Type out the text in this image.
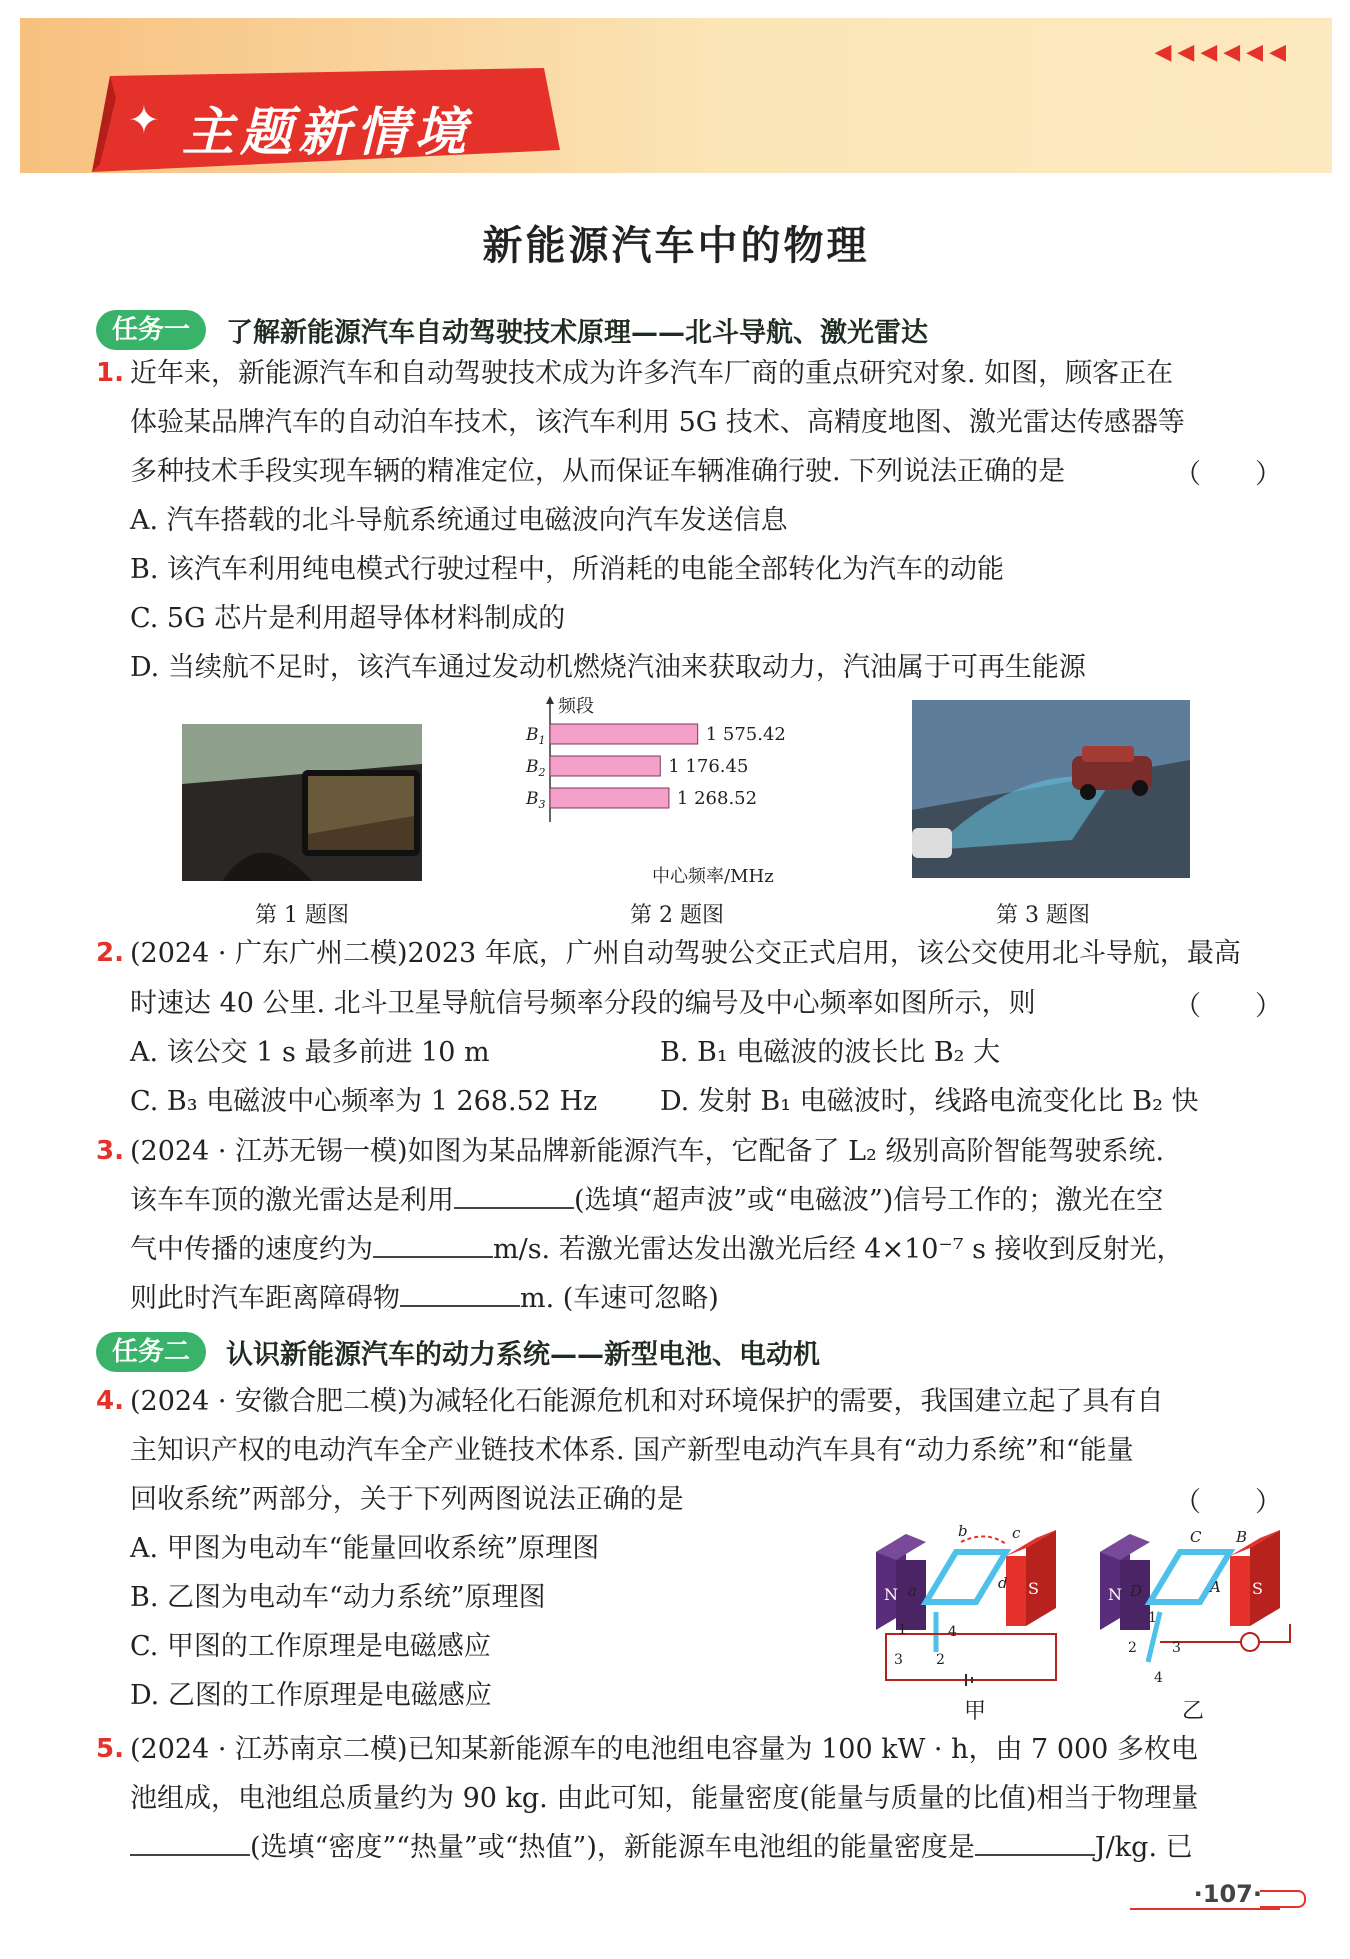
◀◀◀◀◀◀
✦ 主题新情境
新能源汽车中的物理
任务一 了解新能源汽车自动驾驶技术原理——北斗导航、激光雷达
1. 近年来，新能源汽车和自动驾驶技术成为许多汽车厂商的重点研究对象. 如图，顾客正在
体验某品牌汽车的自动泊车技术，该汽车利用 5G 技术、高精度地图、激光雷达传感器等
多种技术手段实现车辆的精准定位，从而保证车辆准确行驶. 下列说法正确的是	（　　）
A. 汽车搭载的北斗导航系统通过电磁波向汽车发送信息
B. 该汽车利用纯电模式行驶过程中，所消耗的电能全部转化为汽车的动能
C. 5G 芯片是利用超导体材料制成的
D. 当续航不足时，该汽车通过发动机燃烧汽油来获取动力，汽油属于可再生能源
第 1 题图
频段
$B_1$	1 575.42
$B_2$	1 176.45
$B_3$	1 268.52
中心频率/MHz
第 2 题图	第 3 题图
2. (2024 · 广东广州二模)2023 年底，广州自动驾驶公交正式启用，该公交使用北斗导航，最高
时速达 40 公里. 北斗卫星导航信号频率分段的编号及中心频率如图所示，则	（　　）
A. 该公交 1 s 最多前进 10 m	B. B₁ 电磁波的波长比 B₂ 大
C. B₃ 电磁波中心频率为 1 268.52 Hz D. 发射 B₁ 电磁波时，线路电流变化比 B₂ 快
3. (2024 · 江苏无锡一模)如图为某品牌新能源汽车，它配备了 L₂ 级别高阶智能驾驶系统.
该车车顶的激光雷达是利用	(选填“超声波”或“电磁波”)信号工作的；激光在空
气中传播的速度约为	m/s. 若激光雷达发出激光后经 4×10⁻⁷ s 接收到反射光，
则此时汽车距离障碍物	m. (车速可忽略)
任务二 认识新能源汽车的动力系统——新型电池、电动机
4. (2024 · 安徽合肥二模)为减轻化石能源危机和对环境保护的需要，我国建立起了具有自
主知识产权的电动汽车全产业链技术体系. 国产新型电动汽车具有“动力系统”和“能量
回收系统”两部分，关于下列两图说法正确的是	（　　）
A. 甲图为电动车“能量回收系统”原理图
B. 乙图为电动车“动力系统”原理图
C. 甲图的工作原理是电磁感应
D. 乙图的工作原理是电磁感应
N	S
a
b	c
d
1
2
3
4
甲
N	S
D
C B
A
1
2	3
4
乙
5. (2024 · 江苏南京二模)已知某新能源车的电池组电容量为 100 kW · h，由 7 000 多枚电
池组成，电池组总质量约为 90 kg. 由此可知，能量密度(能量与质量的比值)相当于物理量
(选填“密度”“热量”或“热值”)，新能源车电池组的能量密度是	J/kg. 已
·107·
